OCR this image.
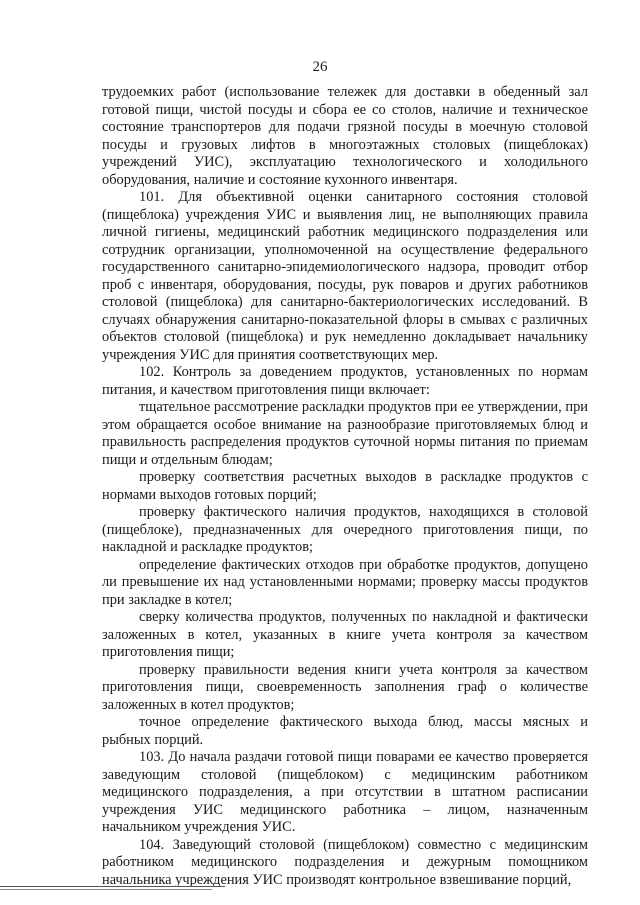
26

трудоемких работ (использование тележек для доставки в обеденный зал готовой пищи, чистой посуды и сбора ее со столов, наличие и техническое состояние транспортеров для подачи грязной посуды в моечную столовой посуды и грузовых лифтов в многоэтажных столовых (пищеблоках) учреждений УИС), эксплуатацию технологического и холодильного оборудования, наличие и состояние кухонного инвентаря.

101. Для объективной оценки санитарного состояния столовой (пищеблока) учреждения УИС и выявления лиц, не выполняющих правила личной гигиены, медицинский работник медицинского подразделения или сотрудник организации, уполномоченной на осуществление федерального государственного санитарно-эпидемиологического надзора, проводит отбор проб с инвентаря, оборудования, посуды, рук поваров и других работников столовой (пищеблока) для санитарно-бактериологических исследований. В случаях обнаружения санитарно-показательной флоры в смывах с различных объектов столовой (пищеблока) и рук немедленно докладывает начальнику учреждения УИС для принятия соответствующих мер.

102. Контроль за доведением продуктов, установленных по нормам питания, и качеством приготовления пищи включает:

тщательное рассмотрение раскладки продуктов при ее утверждении, при этом обращается особое внимание на разнообразие приготовляемых блюд и правильность распределения продуктов суточной нормы питания по приемам пищи и отдельным блюдам;

проверку соответствия расчетных выходов в раскладке продуктов с нормами выходов готовых порций;

проверку фактического наличия продуктов, находящихся в столовой (пищеблоке), предназначенных для очередного приготовления пищи, по накладной и раскладке продуктов;

определение фактических отходов при обработке продуктов, допущено ли превышение их над установленными нормами; проверку массы продуктов при закладке в котел;

сверку количества продуктов, полученных по накладной и фактически заложенных в котел, указанных в книге учета контроля за качеством приготовления пищи;

проверку правильности ведения книги учета контроля за качеством приготовления пищи, своевременность заполнения граф о количестве заложенных в котел продуктов;

точное определение фактического выхода блюд, массы мясных и рыбных порций.

103. До начала раздачи готовой пищи поварами ее качество проверяется заведующим столовой (пищеблоком) с медицинским работником медицинского подразделения, а при отсутствии в штатном расписании учреждения УИС медицинского работника – лицом, назначенным начальником учреждения УИС.

104. Заведующий столовой (пищеблоком) совместно с медицинским работником медицинского подразделения и дежурным помощником начальника учреждения УИС производят контрольное взвешивание порций,
